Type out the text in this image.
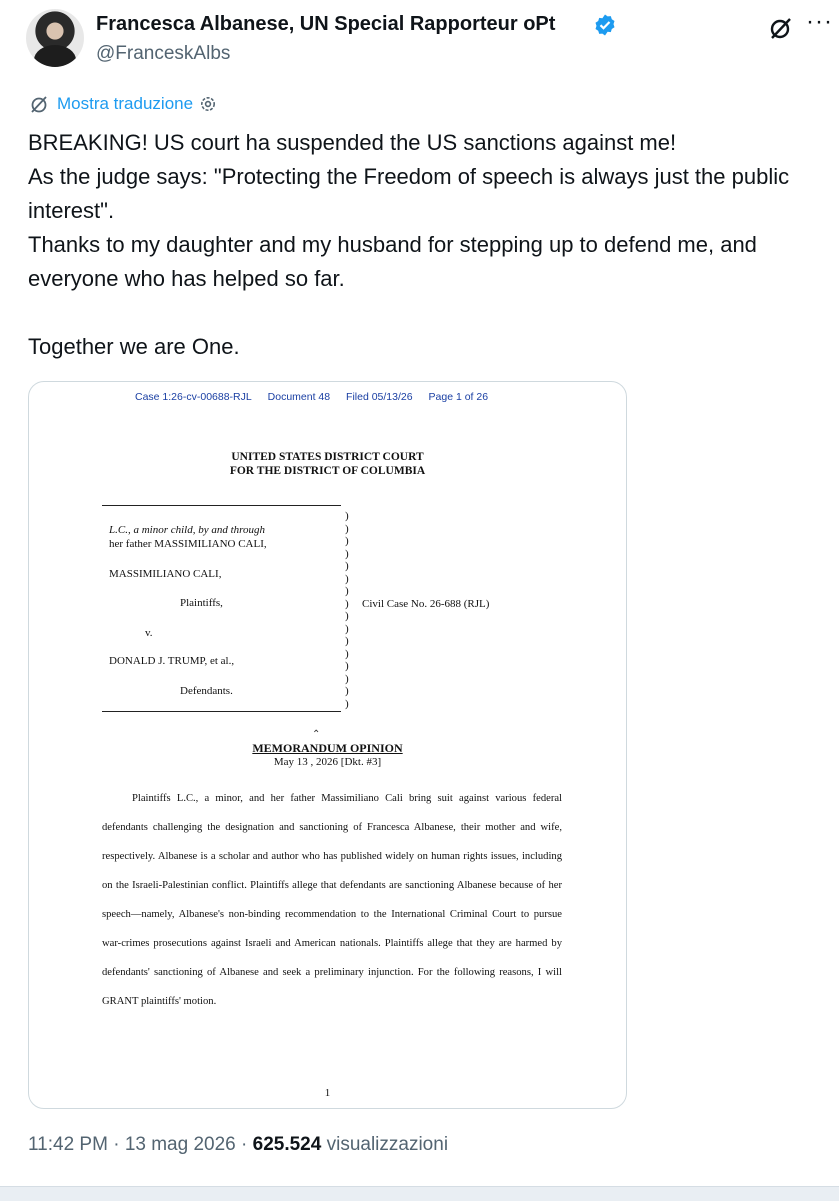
Francesca Albanese, UN Special Rapporteur oPt
@FranceskAlbs
···
Mostra traduzione

BREAKING! US court ha suspended the US sanctions against me!

As the judge says: "Protecting the Freedom of speech is always just the public interest".

Thanks to my daughter and my husband for stepping up to defend me, and everyone who has helped so far.

Together we are One.

Case 1:26-cv-00688-RJL Document 48 Filed 05/13/26 Page 1 of 26
UNITED STATES DISTRICT COURT
FOR THE DISTRICT OF COLUMBIA
L.C., a minor child, by and through
her father MASSIMILIANO CALI,
MASSIMILIANO CALI,
Plaintiffs,
v.
DONALD J. TRUMP, et al.,
Defendants.
)
)
)
)
)
)
)
)
)
)
)
)
)
)
)
)
Civil Case No. 26-688 (RJL)
⌃
MEMORANDUM OPINION
May 13 , 2026 [Dkt. #3]

Plaintiffs L.C., a minor, and her father Massimiliano Cali bring suit against various federal defendants challenging the designation and sanctioning of Francesca Albanese, their mother and wife, respectively. Albanese is a scholar and author who has published widely on human rights issues, including on the Israeli-Palestinian conflict. Plaintiffs allege that defendants are sanctioning Albanese because of her speech—namely, Albanese's non-binding recommendation to the International Criminal Court to pursue war-crimes prosecutions against Israeli and American nationals. Plaintiffs allege that they are harmed by defendants' sanctioning of Albanese and seek a preliminary injunction. For the following reasons, I will GRANT plaintiffs' motion.

1
11:42 PM · 13 mag 2026 · 625.524 visualizzazioni
